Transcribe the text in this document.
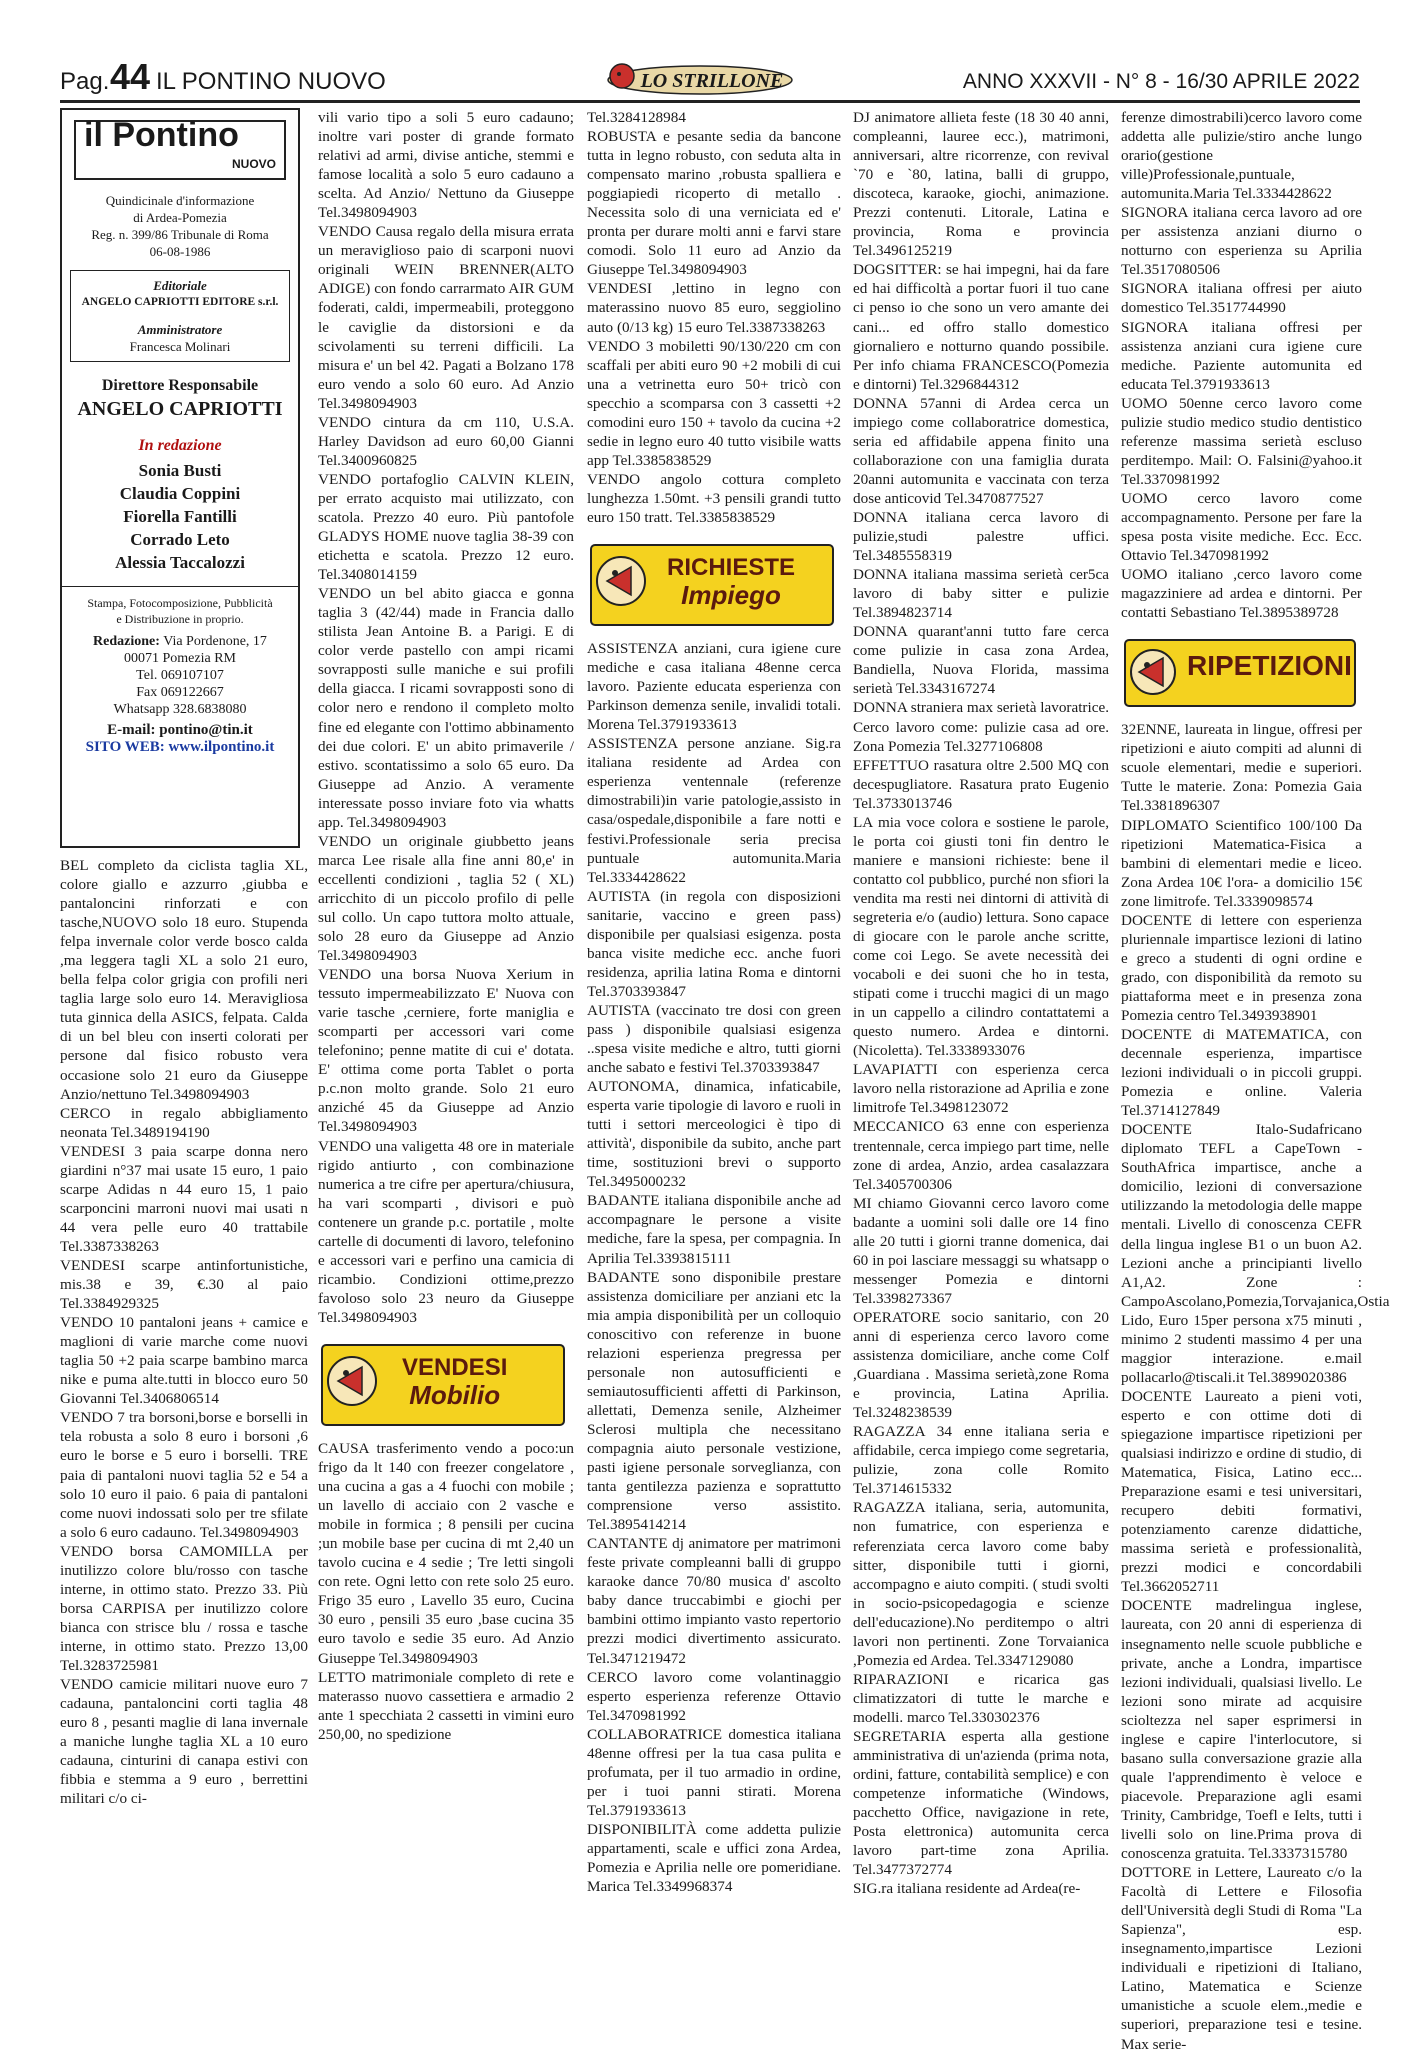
Pag. 44 IL PONTINO NUOVO	LO STRILLONE	ANNO XXXVII - N° 8 - 16/30 APRILE 2022
il Pontino
NUOVO
Quindicinale d'informazione
di Ardea-Pomezia
Reg. n. 399/86 Tribunale di Roma
06-08-1986
Editoriale
ANGELO CAPRIOTTI EDITORE s.r.l.
Amministratore
Francesca Molinari
Direttore Responsabile
ANGELO CAPRIOTTI
In redazione
Sonia Busti
Claudia Coppini
Fiorella Fantilli
Corrado Leto
Alessia Taccalozzi
Stampa, Fotocomposizione, Pubblicità
e Distribuzione in proprio.
Redazione: Via Pordenone, 17
00071 Pomezia RM
Tel. 069107107
Fax 069122667
Whatsapp 328.6838080
E-mail: pontino@tin.it
SITO WEB: www.ilpontino.it

BEL completo da ciclista taglia XL, colore giallo e azzurro ,giubba e pantaloncini rinforzati e con tasche,NUOVO solo 18 euro. Stupenda felpa invernale color verde bosco calda ,ma leggera tagli XL a solo 21 euro, bella felpa color grigia con profili neri taglia large solo euro 14. Meravigliosa tuta ginnica della ASICS, felpata. Calda di un bel bleu con inserti colorati per persone dal fisico robusto vera occasione solo 21 euro da Giuseppe Anzio/nettuno Tel.3498094903

CERCO in regalo abbigliamento neonata Tel.3489194190

VENDESI 3 paia scarpe donna nero giardini n°37 mai usate 15 euro, 1 paio scarpe Adidas n 44 euro 15, 1 paio scarponcini marroni nuovi mai usati n 44 vera pelle euro 40 trattabile Tel.3387338263

VENDESI scarpe antinfortunistiche, mis.38 e 39, €.30 al paio Tel.3384929325

VENDO 10 pantaloni jeans + camice e maglioni di varie marche come nuovi taglia 50 +2 paia scarpe bambino marca nike e puma alte.tutti in blocco euro 50 Giovanni Tel.3406806514

VENDO 7 tra borsoni,borse e borselli in tela robusta a solo 8 euro i borsoni ,6 euro le borse e 5 euro i borselli. TRE paia di pantaloni nuovi taglia 52 e 54 a solo 10 euro il paio. 6 paia di pantaloni come nuovi indossati solo per tre sfilate a solo 6 euro cadauno. Tel.3498094903

VENDO borsa CAMOMILLA per inutilizzo colore blu/rosso con tasche interne, in ottimo stato. Prezzo 33. Più borsa CARPISA per inutilizzo colore bianca con strisce blu / rossa e tasche interne, in ottimo stato. Prezzo 13,00 Tel.3283725981

VENDO camicie militari nuove euro 7 cadauna, pantaloncini corti taglia 48 euro 8 , pesanti maglie di lana invernale a maniche lunghe taglia XL a 10 euro cadauna, cinturini di canapa estivi con fibbia e stemma a 9 euro , berrettini militari c/o ci-

vili vario tipo a soli 5 euro cadauno; inoltre vari poster di grande formato relativi ad armi, divise antiche, stemmi e famose località a solo 5 euro cadauno a scelta. Ad Anzio/ Nettuno da Giuseppe Tel.3498094903

VENDO Causa regalo della misura errata un meraviglioso paio di scarponi nuovi originali WEIN BRENNER(ALTO ADIGE) con fondo carrarmato AIR GUM foderati, caldi, impermeabili, proteggono le caviglie da distorsioni e da scivolamenti su terreni difficili. La misura e' un bel 42. Pagati a Bolzano 178 euro vendo a solo 60 euro. Ad Anzio Tel.3498094903

VENDO cintura da cm 110, U.S.A. Harley Davidson ad euro 60,00 Gianni Tel.3400960825

VENDO portafoglio CALVIN KLEIN, per errato acquisto mai utilizzato, con scatola. Prezzo 40 euro. Più pantofole GLADYS HOME nuove taglia 38-39 con etichetta e scatola. Prezzo 12 euro. Tel.3408014159

VENDO un bel abito giacca e gonna taglia 3 (42/44) made in Francia dallo stilista Jean Antoine B. a Parigi. E di color verde pastello con ampi ricami sovrapposti sulle maniche e sui profili della giacca. I ricami sovrapposti sono di color nero e rendono il completo molto fine ed elegante con l'ottimo abbinamento dei due colori. E' un abito primaverile / estivo. scontatissimo a solo 65 euro. Da Giuseppe ad Anzio. A veramente interessate posso inviare foto via whatts app. Tel.3498094903

VENDO un originale giubbetto jeans marca Lee risale alla fine anni 80,e' in eccellenti condizioni , taglia 52 ( XL) arricchito di un piccolo profilo di pelle sul collo. Un capo tuttora molto attuale, solo 28 euro da Giuseppe ad Anzio Tel.3498094903

VENDO una borsa Nuova Xerium in tessuto impermeabilizzato E' Nuova con varie tasche ,cerniere, forte maniglia e scomparti per accessori vari come telefonino; penne matite di cui e' dotata. E' ottima come porta Tablet o porta p.c.non molto grande. Solo 21 euro anziché 45 da Giuseppe ad Anzio Tel.3498094903

VENDO una valigetta 48 ore in materiale rigido antiurto , con combinazione numerica a tre cifre per apertura/chiusura, ha vari scomparti , divisori e può contenere un grande p.c. portatile , molte cartelle di documenti di lavoro, telefonino e accessori vari e perfino una camicia di ricambio. Condizioni ottime,prezzo favoloso solo 23 neuro da Giuseppe Tel.3498094903

VENDESI
Mobilio

CAUSA trasferimento vendo a poco:un frigo da lt 140 con freezer congelatore , una cucina a gas a 4 fuochi con mobile ; un lavello di acciaio con 2 vasche e mobile in formica ; 8 pensili per cucina ;un mobile base per cucina di mt 2,40 un tavolo cucina e 4 sedie ; Tre letti singoli con rete. Ogni letto con rete solo 25 euro. Frigo 35 euro , Lavello 35 euro, Cucina 30 euro , pensili 35 euro ,base cucina 35 euro tavolo e sedie 35 euro. Ad Anzio Giuseppe Tel.3498094903

LETTO matrimoniale completo di rete e materasso nuovo cassettiera e armadio 2 ante 1 specchiata 2 cassetti in vimini euro 250,00, no spedizione

Tel.3284128984

ROBUSTA e pesante sedia da bancone tutta in legno robusto, con seduta alta in compensato marino ,robusta spalliera e poggiapiedi ricoperto di metallo . Necessita solo di una verniciata ed e' pronta per durare molti anni e farvi stare comodi. Solo 11 euro ad Anzio da Giuseppe Tel.3498094903

VENDESI ,lettino in legno con materassino nuovo 85 euro, seggiolino auto (0/13 kg) 15 euro Tel.3387338263

VENDO 3 mobiletti 90/130/220 cm con scaffali per abiti euro 90 +2 mobili di cui una a vetrinetta euro 50+ tricò con specchio a scomparsa con 3 cassetti +2 comodini euro 150 + tavolo da cucina +2 sedie in legno euro 40 tutto visibile watts app Tel.3385838529

VENDO angolo cottura completo lunghezza 1.50mt. +3 pensili grandi tutto euro 150 tratt. Tel.3385838529

RICHIESTE
Impiego

ASSISTENZA anziani, cura igiene cure mediche e casa italiana 48enne cerca lavoro. Paziente educata esperienza con Parkinson demenza senile, invalidi totali. Morena Tel.3791933613

ASSISTENZA persone anziane. Sig.ra italiana residente ad Ardea con esperienza ventennale (referenze dimostrabili)in varie patologie,assisto in casa/ospedale,disponibile a fare notti e festivi.Professionale seria precisa puntuale automunita.Maria Tel.3334428622

AUTISTA (in regola con disposizioni sanitarie, vaccino e green pass) disponibile per qualsiasi esigenza. posta banca visite mediche ecc. anche fuori residenza, aprilia latina Roma e dintorni Tel.3703393847

AUTISTA (vaccinato tre dosi con green pass ) disponibile qualsiasi esigenza ..spesa visite mediche e altro, tutti giorni anche sabato e festivi Tel.3703393847

AUTONOMA, dinamica, infaticabile, esperta varie tipologie di lavoro e ruoli in tutti i settori merceologici è tipo di attività', disponibile da subito, anche part time, sostituzioni brevi o supporto Tel.3495000232

BADANTE italiana disponibile anche ad accompagnare le persone a visite mediche, fare la spesa, per compagnia. In Aprilia Tel.3393815111

BADANTE sono disponibile prestare assistenza domiciliare per anziani etc la mia ampia disponibilità per un colloquio conoscitivo con referenze in buone relazioni esperienza pregressa per personale non autosufficienti e semiautosufficienti affetti di Parkinson, allettati, Demenza senile, Alzheimer Sclerosi multipla che necessitano compagnia aiuto personale vestizione, pasti igiene personale sorveglianza, con tanta gentilezza pazienza e soprattutto comprensione verso assistito. Tel.3895414214

CANTANTE dj animatore per matrimoni feste private compleanni balli di gruppo karaoke dance 70/80 musica d' ascolto baby dance truccabimbi e giochi per bambini ottimo impianto vasto repertorio prezzi modici divertimento assicurato. Tel.3471219472

CERCO lavoro come volantinaggio esperto esperienza referenze Ottavio Tel.3470981992

COLLABORATRICE domestica italiana 48enne offresi per la tua casa pulita e profumata, per il tuo armadio in ordine, per i tuoi panni stirati. Morena Tel.3791933613

DISPONIBILITÀ come addetta pulizie appartamenti, scale e uffici zona Ardea, Pomezia e Aprilia nelle ore pomeridiane. Marica Tel.3349968374

DJ animatore allieta feste (18 30 40 anni, compleanni, lauree ecc.), matrimoni, anniversari, altre ricorrenze, con revival `70 e `80, latina, balli di gruppo, discoteca, karaoke, giochi, animazione. Prezzi contenuti. Litorale, Latina e provincia, Roma e provincia Tel.3496125219

DOGSITTER: se hai impegni, hai da fare ed hai difficoltà a portar fuori il tuo cane ci penso io che sono un vero amante dei cani... ed offro stallo domestico giornaliero e notturno quando possibile. Per info chiama FRANCESCO(Pomezia e dintorni) Tel.3296844312

DONNA 57anni di Ardea cerca un impiego come collaboratrice domestica, seria ed affidabile appena finito una collaborazione con una famiglia durata 20anni automunita e vaccinata con terza dose anticovid Tel.3470877527

DONNA italiana cerca lavoro di pulizie,studi palestre uffici. Tel.3485558319

DONNA italiana massima serietà cer5ca lavoro di baby sitter e pulizie Tel.3894823714

DONNA quarant'anni tutto fare cerca come pulizie in casa zona Ardea, Bandiella, Nuova Florida, massima serietà Tel.3343167274

DONNA straniera max serietà lavoratrice. Cerco lavoro come: pulizie casa ad ore. Zona Pomezia Tel.3277106808

EFFETTUO rasatura oltre 2.500 MQ con decespugliatore. Rasatura prato Eugenio Tel.3733013746

LA mia voce colora e sostiene le parole, le porta coi giusti toni fin dentro le maniere e mansioni richieste: bene il contatto col pubblico, purché non sfiori la vendita ma resti nei dintorni di attività di segreteria e/o (audio) lettura. Sono capace di giocare con le parole anche scritte, come coi Lego. Se avete necessità dei vocaboli e dei suoni che ho in testa, stipati come i trucchi magici di un mago in un cappello a cilindro contattatemi a questo numero. Ardea e dintorni. (Nicoletta). Tel.3338933076

LAVAPIATTI con esperienza cerca lavoro nella ristorazione ad Aprilia e zone limitrofe Tel.3498123072

MECCANICO 63 enne con esperienza trentennale, cerca impiego part time, nelle zone di ardea, Anzio, ardea casalazzara Tel.3405700306

MI chiamo Giovanni cerco lavoro come badante a uomini soli dalle ore 14 fino alle 20 tutti i giorni tranne domenica, dai 60 in poi lasciare messaggi su whatsapp o messenger Pomezia e dintorni Tel.3398273367

OPERATORE socio sanitario, con 20 anni di esperienza cerco lavoro come assistenza domiciliare, anche come Colf ,Guardiana . Massima serietà,zone Roma e provincia, Latina Aprilia. Tel.3248238539

RAGAZZA 34 enne italiana seria e affidabile, cerca impiego come segretaria, pulizie, zona colle Romito Tel.3714615332

RAGAZZA italiana, seria, automunita, non fumatrice, con esperienza e referenziata cerca lavoro come baby sitter, disponibile tutti i giorni, accompagno e aiuto compiti. ( studi svolti in socio-psicopedagogia e scienze dell'educazione).No perditempo o altri lavori non pertinenti. Zone Torvaianica ,Pomezia ed Ardea. Tel.3347129080

RIPARAZIONI e ricarica gas climatizzatori di tutte le marche e modelli. marco Tel.330302376

SEGRETARIA esperta alla gestione amministrativa di un'azienda (prima nota, ordini, fatture, contabilità semplice) e con competenze informatiche (Windows, pacchetto Office, navigazione in rete, Posta elettronica) automunita cerca lavoro part-time zona Aprilia. Tel.3477372774

SIG.ra italiana residente ad Ardea(re-

ferenze dimostrabili)cerco lavoro come addetta alle pulizie/stiro anche lungo orario(gestione ville)Professionale,puntuale, automunita.Maria Tel.3334428622

SIGNORA italiana cerca lavoro ad ore per assistenza anziani diurno o notturno con esperienza su Aprilia Tel.3517080506

SIGNORA italiana offresi per aiuto domestico Tel.3517744990

SIGNORA italiana offresi per assistenza anziani cura igiene cure mediche. Paziente automunita ed educata Tel.3791933613

UOMO 50enne cerco lavoro come pulizie studio medico studio dentistico referenze massima serietà escluso perditempo. Mail: O. Falsini@yahoo.it Tel.3370981992

UOMO cerco lavoro come accompagnamento. Persone per fare la spesa posta visite mediche. Ecc. Ecc. Ottavio Tel.3470981992

UOMO italiano ,cerco lavoro come magazziniere ad ardea e dintorni. Per contatti Sebastiano Tel.3895389728

RIPETIZIONI

32ENNE, laureata in lingue, offresi per ripetizioni e aiuto compiti ad alunni di scuole elementari, medie e superiori. Tutte le materie. Zona: Pomezia Gaia Tel.3381896307

DIPLOMATO Scientifico 100/100 Da ripetizioni Matematica-Fisica a bambini di elementari medie e liceo. Zona Ardea 10€ l'ora- a domicilio 15€ zone limitrofe. Tel.3339098574

DOCENTE di lettere con esperienza pluriennale impartisce lezioni di latino e greco a studenti di ogni ordine e grado, con disponibilità da remoto su piattaforma meet e in presenza zona Pomezia centro Tel.3493938901

DOCENTE di MATEMATICA, con decennale esperienza, impartisce lezioni individuali o in piccoli gruppi. Pomezia e online. Valeria Tel.3714127849

DOCENTE Italo-Sudafricano diplomato TEFL a CapeTown -SouthAfrica impartisce, anche a domicilio, lezioni di conversazione utilizzando la metodologia delle mappe mentali. Livello di conoscenza CEFR della lingua inglese B1 o un buon A2. Lezioni anche a principianti livello A1,A2. Zone : CampoAscolano,Pomezia,Torvajanica,Ostia Lido, Euro 15per persona x75 minuti , minimo 2 studenti massimo 4 per una maggior interazione. e.mail pollacarlo@tiscali.it Tel.3899020386

DOCENTE Laureato a pieni voti, esperto e con ottime doti di spiegazione impartisce ripetizioni per qualsiasi indirizzo e ordine di studio, di Matematica, Fisica, Latino ecc... Preparazione esami e tesi universitari, recupero debiti formativi, potenziamento carenze didattiche, massima serietà e professionalità, prezzi modici e concordabili Tel.3662052711

DOCENTE madrelingua inglese, laureata, con 20 anni di esperienza di insegnamento nelle scuole pubbliche e private, anche a Londra, impartisce lezioni individuali, qualsiasi livello. Le lezioni sono mirate ad acquisire scioltezza nel saper esprimersi in inglese e capire l'interlocutore, si basano sulla conversazione grazie alla quale l'apprendimento è veloce e piacevole. Preparazione agli esami Trinity, Cambridge, Toefl e Ielts, tutti i livelli solo on line.Prima prova di conoscenza gratuita. Tel.3337315780

DOTTORE in Lettere, Laureato c/o la Facoltà di Lettere e Filosofia dell'Università degli Studi di Roma "La Sapienza", esp. insegnamento,impartisce Lezioni individuali e ripetizioni di Italiano, Latino, Matematica e Scienze umanistiche a scuole elem.,medie e superiori, preparazione tesi e tesine. Max serie-
